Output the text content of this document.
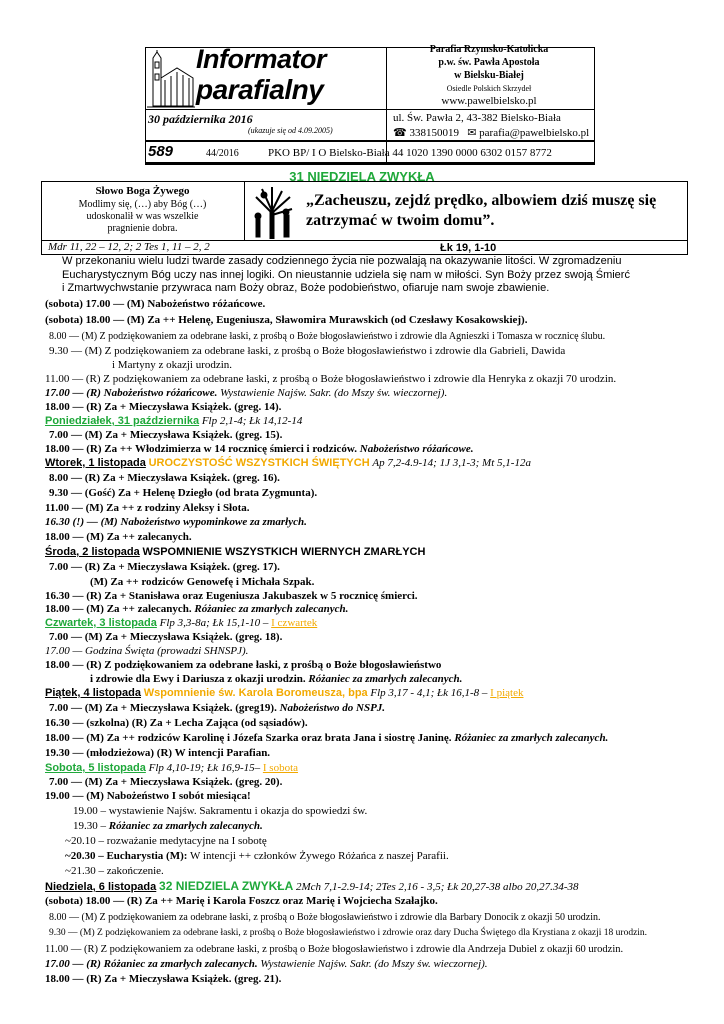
Informator
parafialny
30 października 2016
(ukazuje się od 4.09.2005)
589	44/2016
Parafia Rzymsko-Katolicka
p.w. św. Pawła Apostoła
w Bielsku-Białej
Osiedle Polskich Skrzydeł
www.pawelbielsko.pl
ul. Św. Pawła 2, 43-382 Bielsko-Biała
☎ 338150019   ✉ parafia@pawelbielsko.pl
PKO BP/ I O Bielsko-Biała 44 1020 1390 0000 6302 0157 8772
31 NIEDZIELA ZWYKŁA
Słowo Boga Żywego
Modlimy się, (…) aby Bóg (…)
udoskonalił w was wszelkie
pragnienie dobra.
„Zacheuszu, zejdź prędko, albowiem dziś muszę się
zatrzymać w twoim domu”.
Mdr 11, 22 – 12, 2; 2 Tes 1, 11 – 2, 2	Łk 19, 1-10
W przekonaniu wielu ludzi twarde zasady codziennego życia nie pozwalają na okazywanie litości. W zgromadzeniu
Eucharystycznym Bóg uczy nas innej logiki. On nieustannie udziela się nam w miłości. Syn Boży przez swoją Śmierć
i Zmartwychwstanie przywraca nam Boży obraz, Boże podobieństwo, ofiaruje nam swoje zbawienie.
(sobota) 17.00 — (M) Nabożeństwo różańcowe.
(sobota) 18.00 — (M) Za ++ Helenę, Eugeniusza, Sławomira Murawskich (od Czesławy Kosakowskiej).
8.00 — (M) Z podziękowaniem za odebrane łaski, z prośbą o Boże błogosławieństwo i zdrowie dla Agnieszki i Tomasza w rocznicę ślubu.
9.30 — (M) Z podziękowaniem za odebrane łaski, z prośbą o Boże błogosławieństwo i zdrowie dla Gabrieli, Dawida
i Martyny z okazji urodzin.
11.00 — (R) Z podziękowaniem za odebrane łaski, z prośbą o Boże błogosławieństwo i zdrowie dla Henryka z okazji 70 urodzin.
17.00 — (R) Nabożeństwo różańcowe. Wystawienie Najśw. Sakr. (do Mszy św. wieczornej).
18.00 — (R) Za + Mieczysława Książek. (greg. 14).
Poniedziałek, 31 października Flp 2,1-4; Łk 14,12-14
7.00 — (M) Za + Mieczysława Książek. (greg. 15).
18.00 — (R) Za ++ Włodzimierza w 14 rocznicę śmierci i rodziców. Nabożeństwo różańcowe.
Wtorek, 1 listopada UROCZYSTOŚĆ WSZYSTKICH ŚWIĘTYCH Ap 7,2-4.9-14; 1J 3,1-3; Mt 5,1-12a
8.00 — (R) Za + Mieczysława Książek. (greg. 16).
9.30 — (Gość) Za + Helenę Dziegło (od brata Zygmunta).
11.00 — (M) Za ++ z rodziny Aleksy i Słota.
16.30 (!) — (M) Nabożeństwo wypominkowe za zmarłych.
18.00 — (M) Za ++ zalecanych.
Środa, 2 listopada WSPOMNIENIE WSZYSTKICH WIERNYCH ZMARŁYCH
7.00 — (R) Za + Mieczysława Książek. (greg. 17).
(M) Za ++ rodziców Genowefę i Michała Szpak.
16.30 — (R) Za + Stanisława oraz Eugeniusza Jakubaszek w 5 rocznicę śmierci.
18.00 — (M) Za ++ zalecanych. Różaniec za zmarłych zalecanych.
Czwartek, 3 listopada Flp 3,3-8a; Łk 15,1-10 – I czwartek
7.00 — (M) Za + Mieczysława Książek. (greg. 18).
17.00 — Godzina Święta (prowadzi SHNSPJ).
18.00 — (R) Z podziękowaniem za odebrane łaski, z prośbą o Boże błogosławieństwo
i zdrowie dla Ewy i Dariusza z okazji urodzin. Różaniec za zmarłych zalecanych.
Piątek, 4 listopada Wspomnienie św. Karola Boromeusza, bpa Flp 3,17 - 4,1; Łk 16,1-8 – I piątek
7.00 — (M) Za + Mieczysława Książek. (greg19). Nabożeństwo do NSPJ.
16.30 — (szkolna) (R) Za + Lecha Zająca (od sąsiadów).
18.00 — (M) Za ++ rodziców Karolinę i Józefa Szarka oraz brata Jana i siostrę Janinę. Różaniec za zmarłych zalecanych.
19.30 — (młodzieżowa) (R) W intencji Parafian.
Sobota, 5 listopada Flp 4,10-19; Łk 16,9-15– I sobota
7.00 — (M) Za + Mieczysława Książek. (greg. 20).
19.00 — (M) Nabożeństwo I sobót miesiąca!
19.00 – wystawienie Najśw. Sakramentu i okazja do spowiedzi św.
19.30 – Różaniec za zmarłych zalecanych.
~20.10 – rozważanie medytacyjne na I sobotę
~20.30 – Eucharystia (M): W intencji ++ członków Żywego Różańca z naszej Parafii.
~21.30 – zakończenie.
Niedziela, 6 listopada 32 NIEDZIELA ZWYKŁA 2Mch 7,1-2.9-14; 2Tes 2,16 - 3,5; Łk 20,27-38 albo 20,27.34-38
(sobota) 18.00 — (R) Za ++ Marię i Karola Foszcz oraz Marię i Wojciecha Szałajko.
8.00 — (M) Z podziękowaniem za odebrane łaski, z prośbą o Boże błogosławieństwo i zdrowie dla Barbary Donocik z okazji 50 urodzin.
9.30 — (M) Z podziękowaniem za odebrane łaski, z prośbą o Boże błogosławieństwo i zdrowie oraz dary Ducha Świętego dla Krystiana z okazji 18 urodzin.
11.00 — (R) Z podziękowaniem za odebrane łaski, z prośbą o Boże błogosławieństwo i zdrowie dla Andrzeja Dubiel z okazji 60 urodzin.
17.00 — (R) Różaniec za zmarłych zalecanych. Wystawienie Najśw. Sakr. (do Mszy św. wieczornej).
18.00 — (R) Za + Mieczysława Książek. (greg. 21).
